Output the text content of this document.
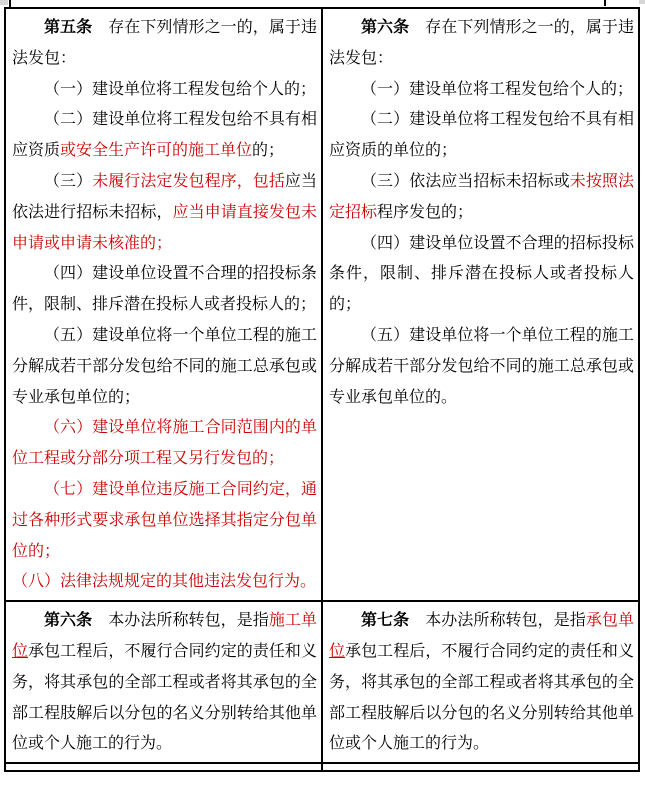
第五条　存在下列情形之一的，属于违法发包：

（一）建设单位将工程发包给个人的；

（二）建设单位将工程发包给不具有相应资质或安全生产许可的施工单位的；

（三）未履行法定发包程序，包括应当依法进行招标未招标，应当申请直接发包未申请或申请未核准的；

（四）建设单位设置不合理的招投标条件，限制、排斥潜在投标人或者投标人的；

（五）建设单位将一个单位工程的施工分解成若干部分发包给不同的施工总承包或专业承包单位的；

（六）建设单位将施工合同范围内的单位工程或分部分项工程又另行发包的；

（七）建设单位违反施工合同约定，通过各种形式要求承包单位选择其指定分包单位的；

（八）法律法规规定的其他违法发包行为。

第六条　存在下列情形之一的，属于违法发包：

（一）建设单位将工程发包给个人的；

（二）建设单位将工程发包给不具有相应资质的单位的；

（三）依法应当招标未招标或未按照法定招标程序发包的；

（四）建设单位设置不合理的招标投标条件，限制、排斥潜在投标人或者投标人的；

（五）建设单位将一个单位工程的施工分解成若干部分发包给不同的施工总承包或专业承包单位的。

第六条　本办法所称转包，是指施工单位承包工程后，不履行合同约定的责任和义务，将其承包的全部工程或者将其承包的全部工程肢解后以分包的名义分别转给其他单位或个人施工的行为。

第七条　本办法所称转包，是指承包单位承包工程后，不履行合同约定的责任和义务，将其承包的全部工程或者将其承包的全部工程肢解后以分包的名义分别转给其他单位或个人施工的行为。
